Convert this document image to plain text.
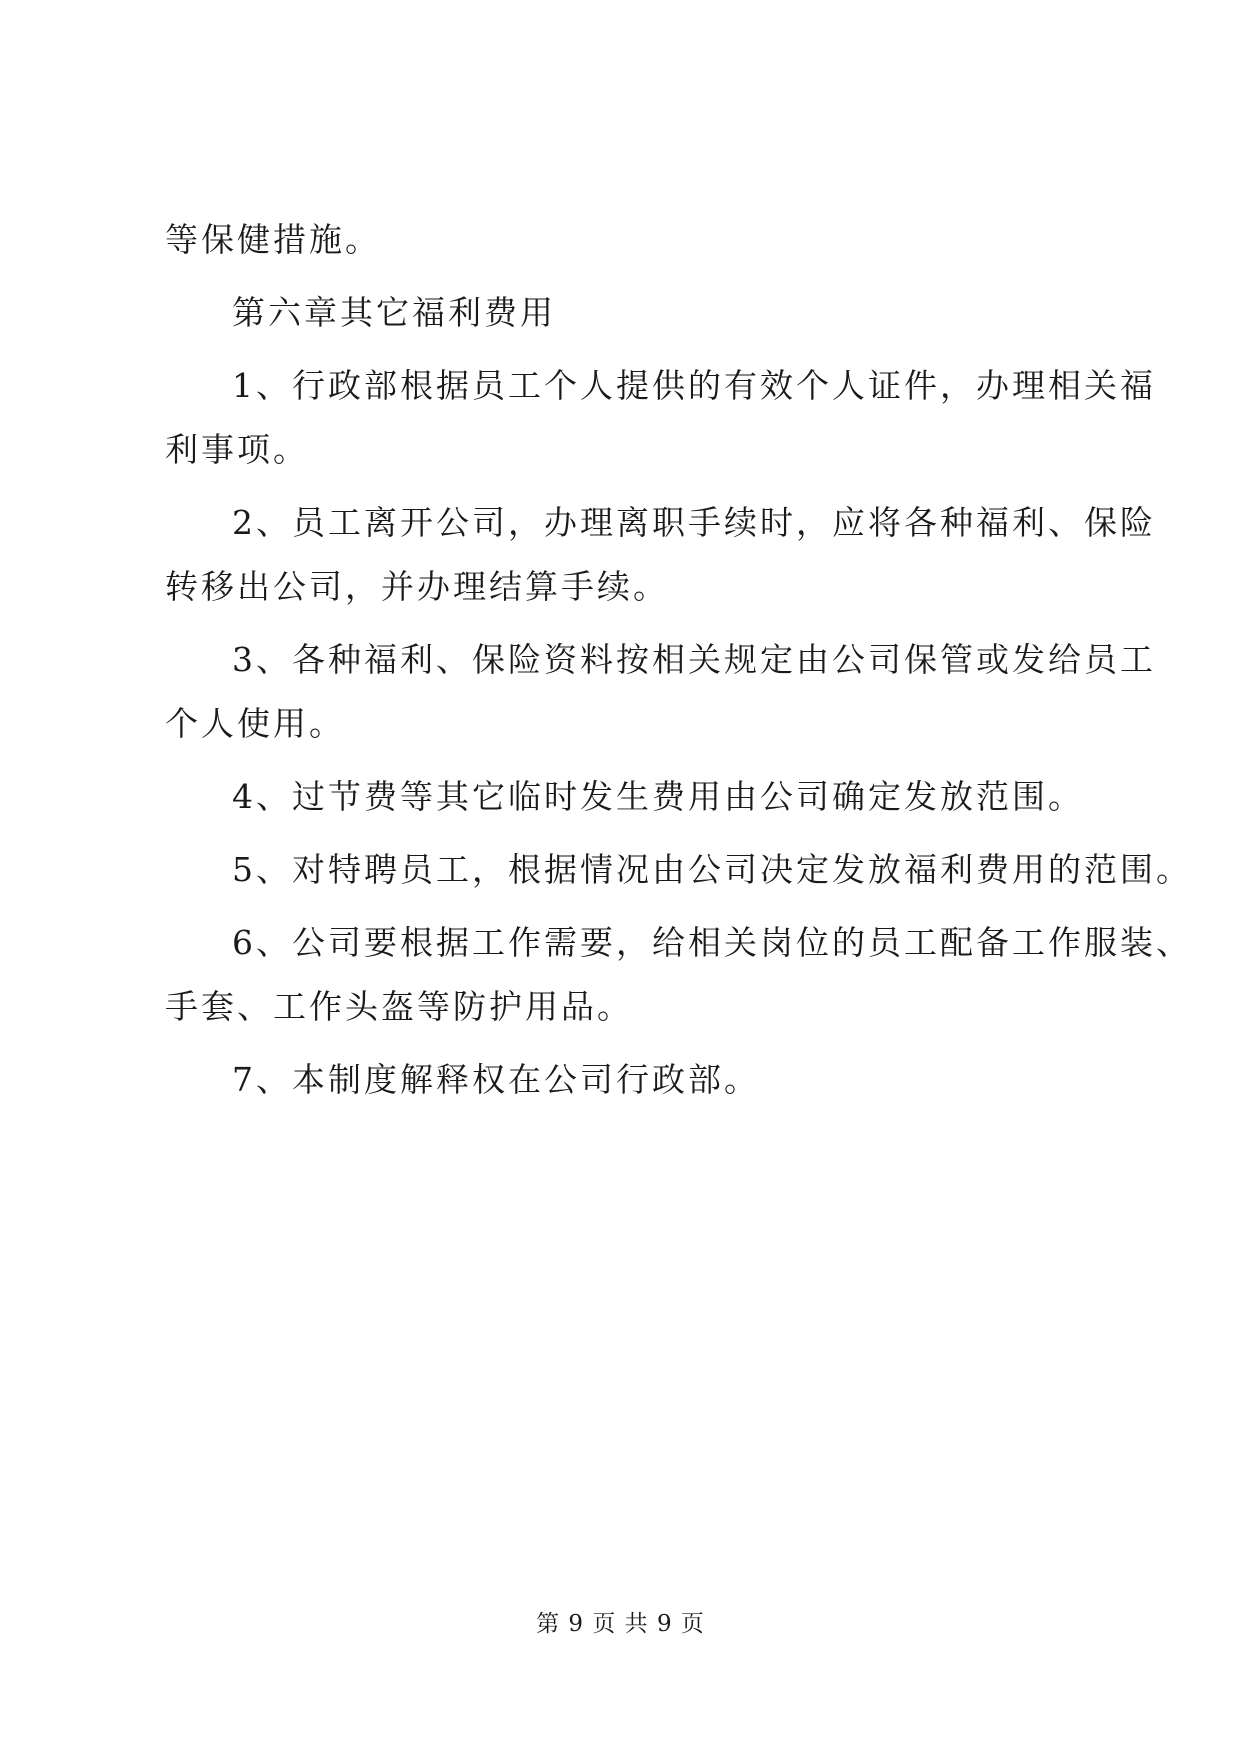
等保健措施。
第六章其它福利费用
1、行政部根据员工个人提供的有效个人证件，办理相关福
利事项。
2、员工离开公司，办理离职手续时，应将各种福利、保险
转移出公司，并办理结算手续。
3、各种福利、保险资料按相关规定由公司保管或发给员工
个人使用。
4、过节费等其它临时发生费用由公司确定发放范围。
5、对特聘员工，根据情况由公司决定发放福利费用的范围。
6、公司要根据工作需要，给相关岗位的员工配备工作服装、
手套、工作头盔等防护用品。
7、本制度解释权在公司行政部。
第 9 页 共 9 页
